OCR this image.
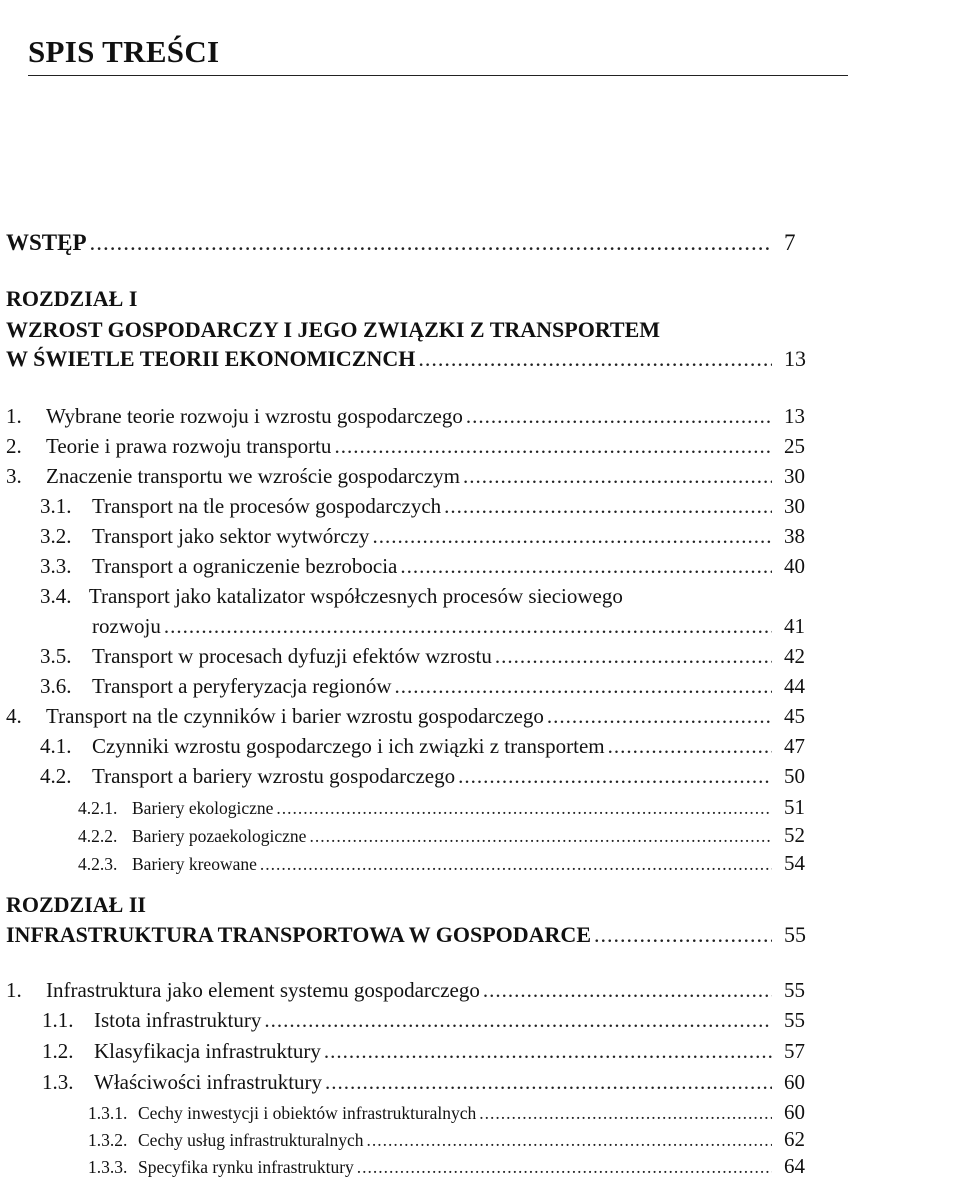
SPIS TREŚCI
WSTĘP .....	7
ROZDZIAŁ I
WZROST GOSPODARCZY I JEGO ZWIĄZKI Z TRANSPORTEM
W ŚWIETLE TEORII EKONOMICZNCH .....	13
1.	Wybrane teorie rozwoju i wzrostu gospodarczego .....	13
2.	Teorie i prawa rozwoju transportu .....	25
3.	Znaczenie transportu we wzroście gospodarczym .....	30
3.1. Transport na tle procesów gospodarczych .....	30
3.2. Transport jako sektor wytwórczy .....	38
3.3. Transport a ograniczenie bezrobocia .....	40
3.4. Transport jako katalizator współczesnych procesów sieciowego
rozwoju .....	41
3.5. Transport w procesach dyfuzji efektów wzrostu .....	42
3.6. Transport a peryferyzacja regionów .....	44
4.	Transport na tle czynników i barier wzrostu gospodarczego .....	45
4.1. Czynniki wzrostu gospodarczego i ich związki z transportem .....	47
4.2. Transport a bariery wzrostu gospodarczego .....	50
4.2.1. Bariery ekologiczne .....	51
4.2.2. Bariery pozaekologiczne .....	52
4.2.3. Bariery kreowane .....	54
ROZDZIAŁ II
INFRASTRUKTURA TRANSPORTOWA W GOSPODARCE .....	55
1.	Infrastruktura jako element systemu gospodarczego .....	55
1.1. Istota infrastruktury .....	55
1.2. Klasyfikacja infrastruktury .....	57
1.3. Właściwości infrastruktury .....	60
1.3.1. Cechy inwestycji i obiektów infrastrukturalnych .....	60
1.3.2. Cechy usług infrastrukturalnych .....	62
1.3.3. Specyfika rynku infrastruktury .....	64
